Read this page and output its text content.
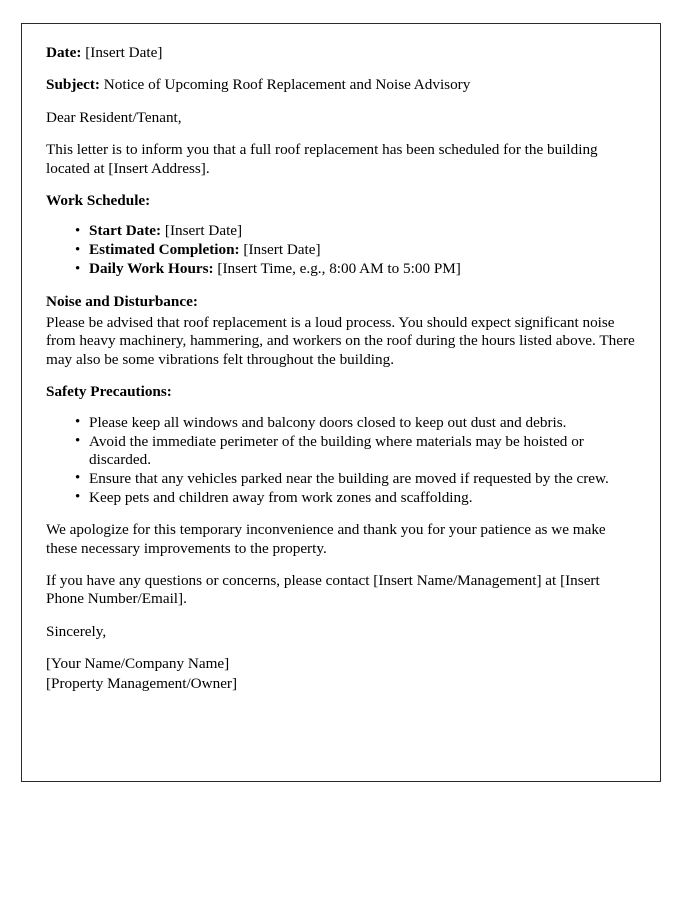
Date: [Insert Date]

Subject: Notice of Upcoming Roof Replacement and Noise Advisory

Dear Resident/Tenant,

This letter is to inform you that a full roof replacement has been scheduled for the building located at [Insert Address].

Work Schedule:

• Start Date: [Insert Date]
• Estimated Completion: [Insert Date]
• Daily Work Hours: [Insert Time, e.g., 8:00 AM to 5:00 PM]

Noise and Disturbance:

Please be advised that roof replacement is a loud process. You should expect significant noise from heavy machinery, hammering, and workers on the roof during the hours listed above. There may also be some vibrations felt throughout the building.

Safety Precautions:

• Please keep all windows and balcony doors closed to keep out dust and debris.
• Avoid the immediate perimeter of the building where materials may be hoisted or discarded.
• Ensure that any vehicles parked near the building are moved if requested by the crew.
• Keep pets and children away from work zones and scaffolding.

We apologize for this temporary inconvenience and thank you for your patience as we make these necessary improvements to the property.

If you have any questions or concerns, please contact [Insert Name/Management] at [Insert Phone Number/Email].

Sincerely,

[Your Name/Company Name]

[Property Management/Owner]
